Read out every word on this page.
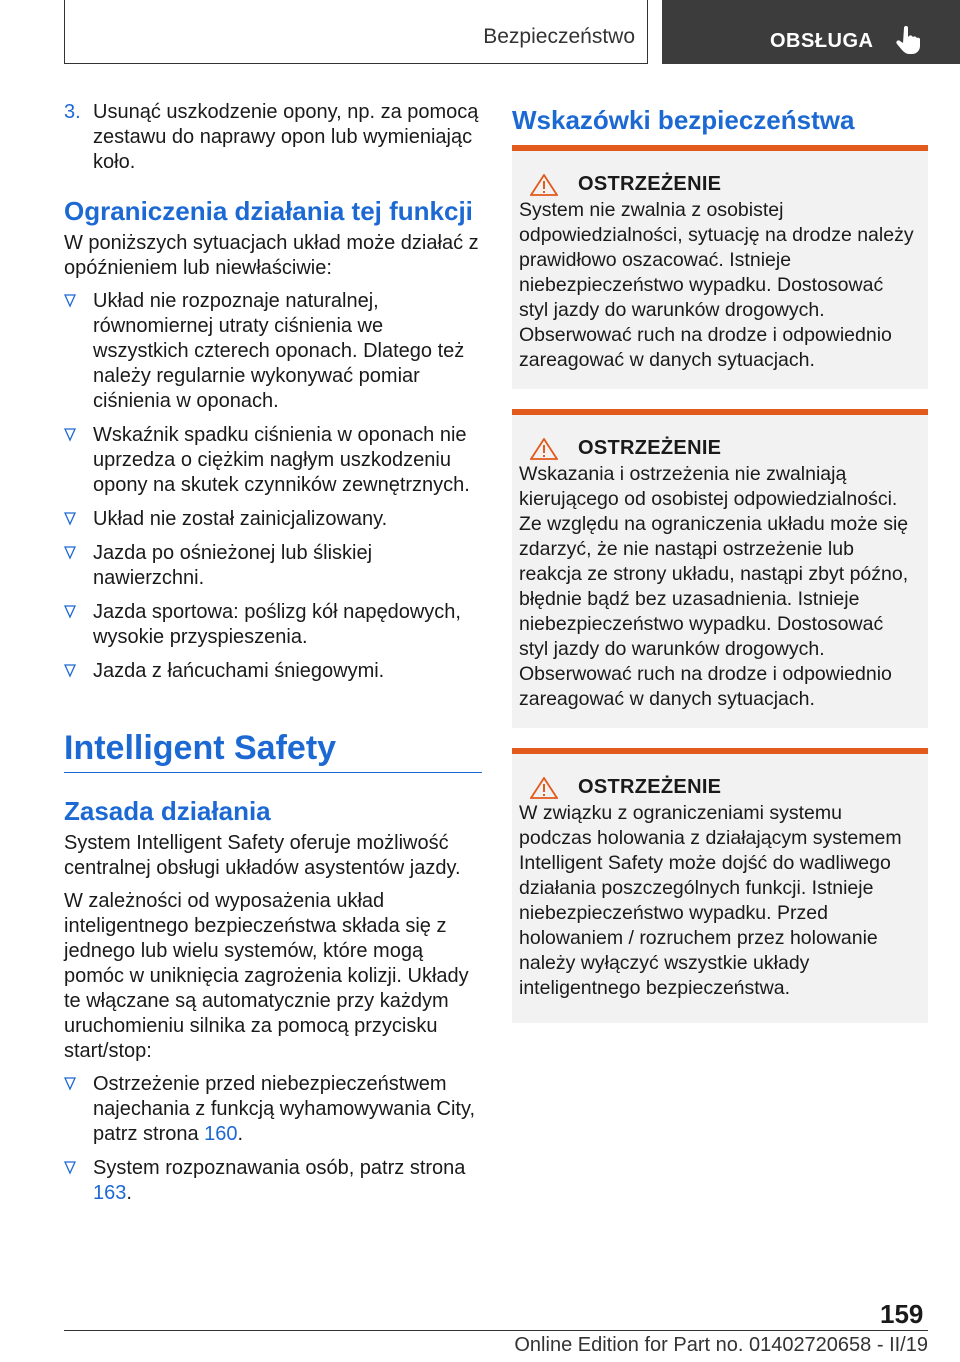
Bezpieczeństwo	OBSŁUGA
3. Usunąć uszkodzenie opony, np. za pomocą zestawu do naprawy opon lub wymieniając koło.
Ograniczenia działania tej funkcji

W poniższych sytuacjach układ może działać z opóźnieniem lub niewłaściwie:

Układ nie rozpoznaje naturalnej, równomiernej utraty ciśnienia we wszystkich czterech oponach. Dlatego też należy regularnie wykonywać pomiar ciśnienia w oponach.
Wskaźnik spadku ciśnienia w oponach nie uprzedza o ciężkim nagłym uszkodzeniu opony na skutek czynników zewnętrznych.
Układ nie został zainicjalizowany.
Jazda po ośnieżonej lub śliskiej nawierzchni.
Jazda sportowa: poślizg kół napędowych, wysokie przyspieszenia.
Jazda z łańcuchami śniegowymi.
Intelligent Safety
Zasada działania

System Intelligent Safety oferuje możliwość centralnej obsługi układów asystentów jazdy.

W zależności od wyposażenia układ inteligentnego bezpieczeństwa składa się z jednego lub wielu systemów, które mogą pomóc w uniknięcia zagrożenia kolizji. Układy te włączane są automatycznie przy każdym uruchomieniu silnika za pomocą przycisku start/stop:

Ostrzeżenie przed niebezpieczeństwem najechania z funkcją wyhamowywania City, patrz strona 160.
System rozpoznawania osób, patrz strona 163.
Wskazówki bezpieczeństwa
OSTRZEŻENIE

System nie zwalnia z osobistej odpowiedzialności, sytuację na drodze należy prawidłowo oszacować. Istnieje niebezpieczeństwo wypadku. Dostosować styl jazdy do warunków drogowych. Obserwować ruch na drodze i odpowiednio zareagować w danych sytuacjach.

OSTRZEŻENIE

Wskazania i ostrzeżenia nie zwalniają kierującego od osobistej odpowiedzialności. Ze względu na ograniczenia układu może się zdarzyć, że nie nastąpi ostrzeżenie lub reakcja ze strony układu, nastąpi zbyt późno, błędnie bądź bez uzasadnienia. Istnieje niebezpieczeństwo wypadku. Dostosować styl jazdy do warunków drogowych. Obserwować ruch na drodze i odpowiednio zareagować w danych sytuacjach.

OSTRZEŻENIE

W związku z ograniczeniami systemu podczas holowania z działającym systemem Intelligent Safety może dojść do wadliwego działania poszczególnych funkcji. Istnieje niebezpieczeństwo wypadku. Przed holowaniem / rozruchem przez holowanie należy wyłączyć wszystkie układy inteligentnego bezpieczeństwa.

159
Online Edition for Part no. 01402720658 - II/19
